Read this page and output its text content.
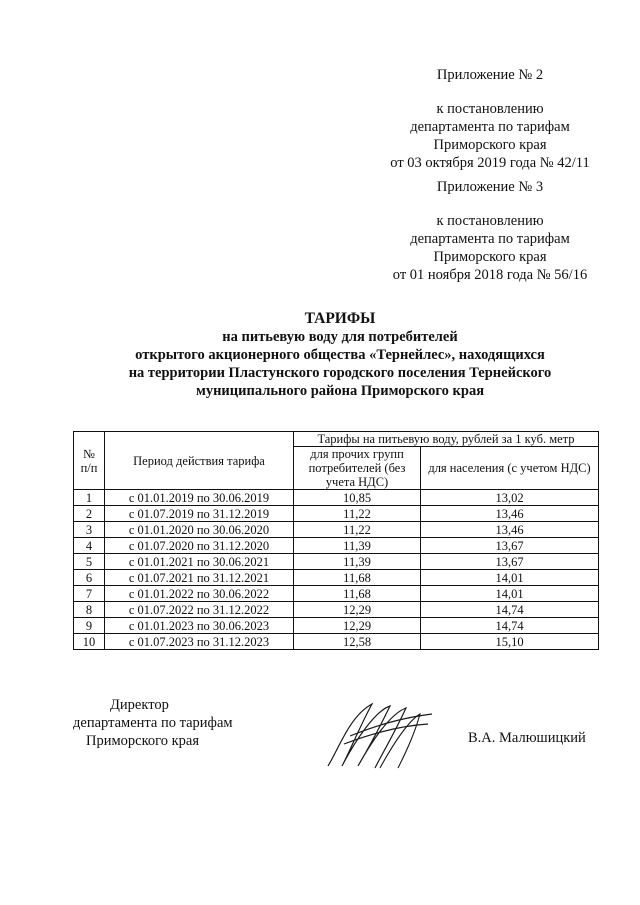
Приложение № 2
к постановлению
департамента по тарифам
Приморского края
от 03 октября 2019 года № 42/11
Приложение № 3
к постановлению
департамента по тарифам
Приморского края
от 01 ноября 2018 года № 56/16
ТАРИФЫ
на питьевую воду для потребителей
открытого акционерного общества «Тернейлес», находящихся
на территории Пластунского городского поселения Тернейского
муниципального района Приморского края
№ п/п	Период действия тарифа	Тарифы на питьевую воду, рублей за 1 куб. метр	
		для прочих групп потребителей (без учета НДС)	для населения (с учетом НДС)
1	с 01.01.2019 по 30.06.2019	10,85	13,02
2	с 01.07.2019 по 31.12.2019	11,22	13,46
3	с 01.01.2020 по 30.06.2020	11,22	13,46
4	с 01.07.2020 по 31.12.2020	11,39	13,67
5	с 01.01.2021 по 30.06.2021	11,39	13,67
6	с 01.07.2021 по 31.12.2021	11,68	14,01
7	с 01.01.2022 по 30.06.2022	11,68	14,01
8	с 01.07.2022 по 31.12.2022	12,29	14,74
9	с 01.01.2023 по 30.06.2023	12,29	14,74
10	с 01.07.2023 по 31.12.2023	12,58	15,10
Директор
департамента по тарифам
Приморского края	В.А. Малюшицкий
